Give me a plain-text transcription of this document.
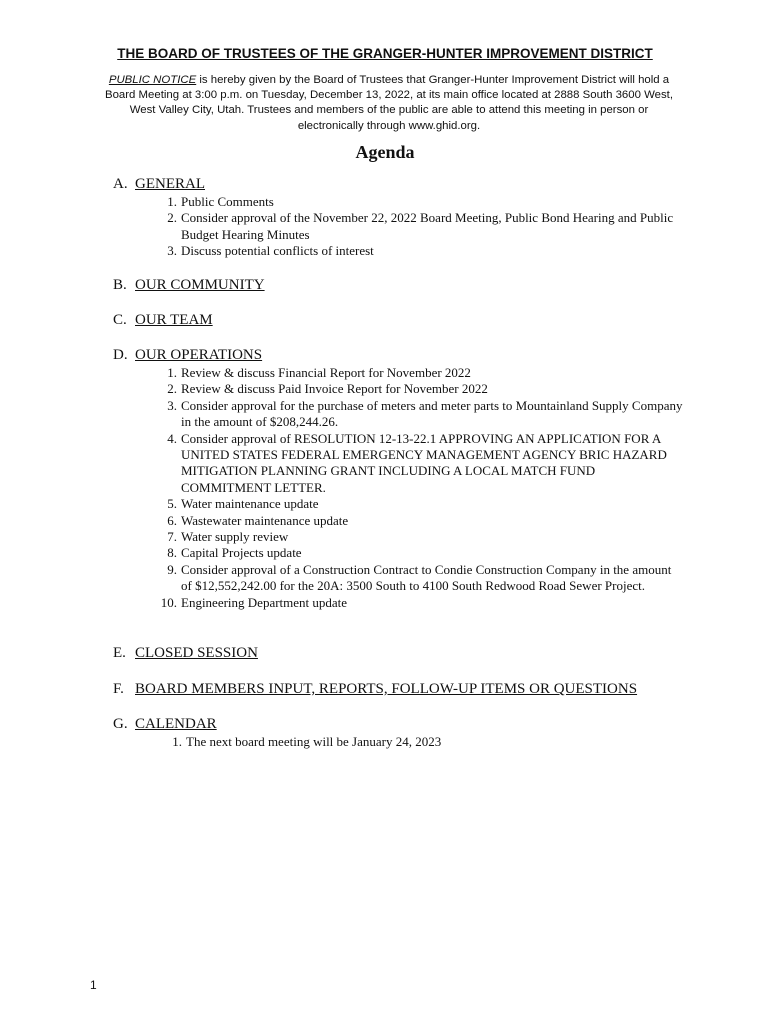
THE BOARD OF TRUSTEES OF THE GRANGER-HUNTER IMPROVEMENT DISTRICT
PUBLIC NOTICE is hereby given by the Board of Trustees that Granger-Hunter Improvement District will hold a Board Meeting at 3:00 p.m. on Tuesday, December 13, 2022, at its main office located at 2888 South 3600 West, West Valley City, Utah. Trustees and members of the public are able to attend this meeting in person or electronically through www.ghid.org.
Agenda
A. GENERAL
1. Public Comments
2. Consider approval of the November 22, 2022 Board Meeting, Public Bond Hearing and Public Budget Hearing Minutes
3. Discuss potential conflicts of interest
B. OUR COMMUNITY
C. OUR TEAM
D. OUR OPERATIONS
1. Review & discuss Financial Report for November 2022
2. Review & discuss Paid Invoice Report for November 2022
3. Consider approval for the purchase of meters and meter parts to Mountainland Supply Company in the amount of $208,244.26.
4. Consider approval of RESOLUTION 12-13-22.1 APPROVING AN APPLICATION FOR A UNITED STATES FEDERAL EMERGENCY MANAGEMENT AGENCY BRIC HAZARD MITIGATION PLANNING GRANT INCLUDING A LOCAL MATCH FUND COMMITMENT LETTER.
5. Water maintenance update
6. Wastewater maintenance update
7. Water supply review
8. Capital Projects update
9. Consider approval of a Construction Contract to Condie Construction Company in the amount of $12,552,242.00 for the 20A: 3500 South to 4100 South Redwood Road Sewer Project.
10. Engineering Department update
E. CLOSED SESSION
F. BOARD MEMBERS INPUT, REPORTS, FOLLOW-UP ITEMS OR QUESTIONS
G. CALENDAR
1. The next board meeting will be January 24, 2023
1
